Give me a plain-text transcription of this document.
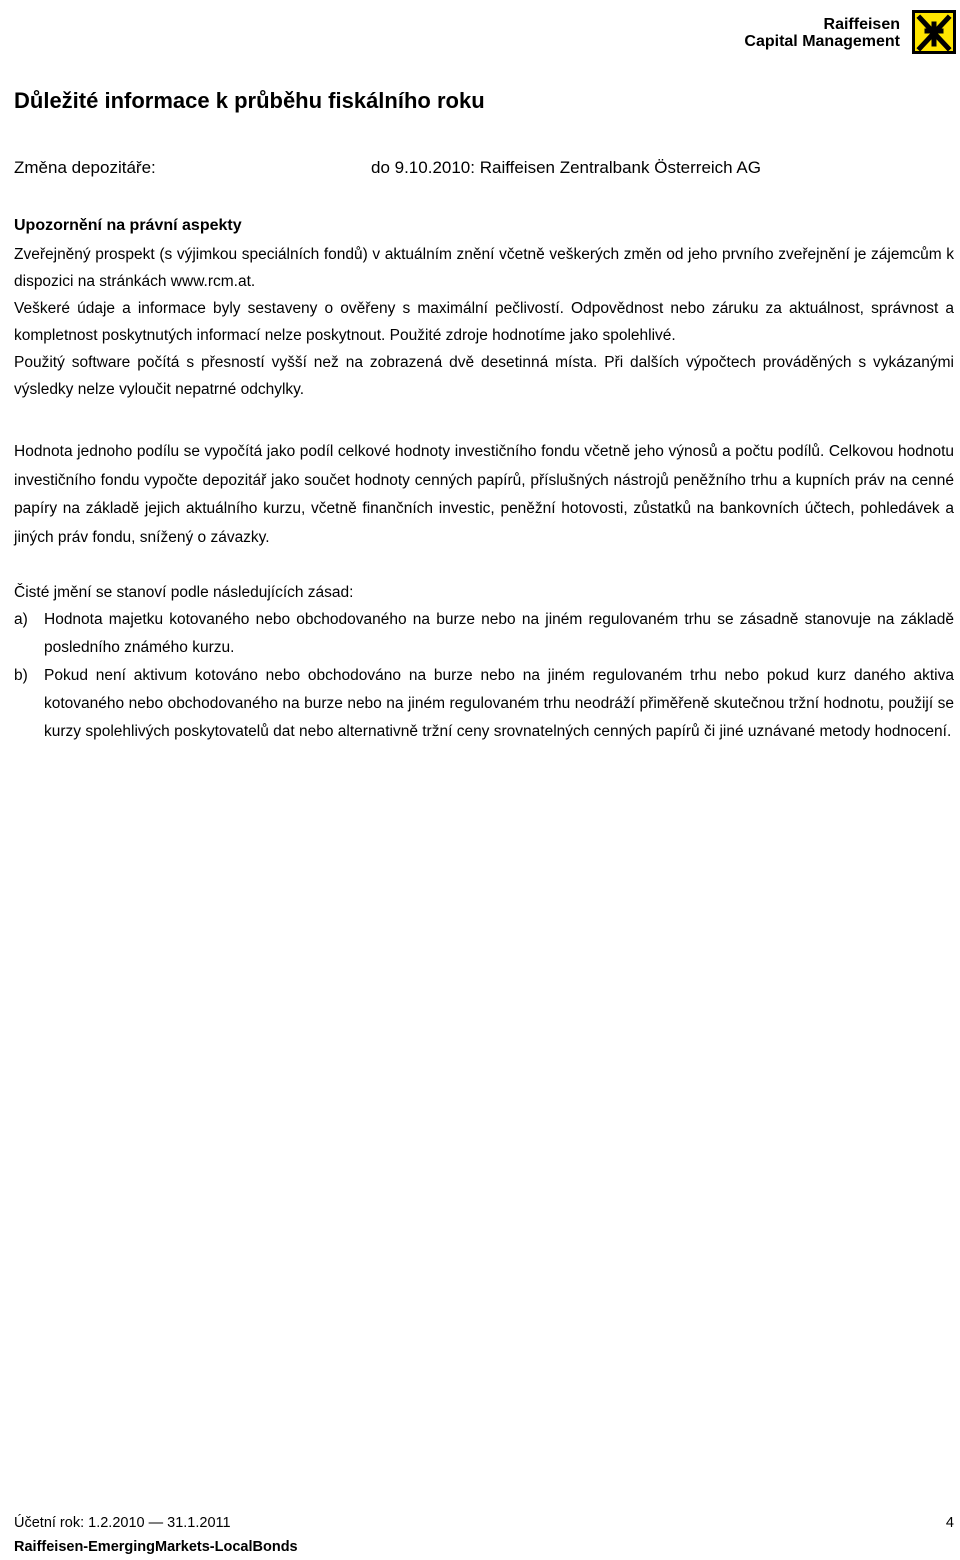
Raiffeisen
Capital Management
Důležité informace k průběhu fiskálního roku
Změna depozitáře:	do 9.10.2010: Raiffeisen Zentralbank Österreich AG
Upozornění na právní aspekty

Zveřejněný prospekt (s výjimkou speciálních fondů) v aktuálním znění včetně veškerých změn od jeho prvního zveřejnění je zájemcům k dispozici na stránkách www.rcm.at.

Veškeré údaje a informace byly sestaveny o ověřeny s maximální pečlivostí. Odpovědnost nebo záruku za aktuálnost, správnost a kompletnost poskytnutých informací nelze poskytnout. Použité zdroje hodnotíme jako spolehlivé.

Použitý software počítá s přesností vyšší než na zobrazená dvě desetinná místa. Při dalších výpočtech prováděných s vykázanými výsledky nelze vyloučit nepatrné odchylky.

Hodnota jednoho podílu se vypočítá jako podíl celkové hodnoty investičního fondu včetně jeho výnosů a počtu podílů. Celkovou hodnotu investičního fondu vypočte depozitář jako součet hodnoty cenných papírů, příslušných nástrojů peněžního trhu a kupních práv na cenné papíry na základě jejich aktuálního kurzu, včetně finančních investic, peněžní hotovosti, zůstatků na bankovních účtech, pohledávek a jiných práv fondu, snížený o závazky.

Čisté jmění se stanoví podle následujících zásad:

a) Hodnota majetku kotovaného nebo obchodovaného na burze nebo na jiném regulovaném trhu se zásadně stanovuje na základě posledního známého kurzu.
b) Pokud není aktivum kotováno nebo obchodováno na burze nebo na jiném regulovaném trhu nebo pokud kurz daného aktiva kotovaného nebo obchodovaného na burze nebo na jiném regulovaném trhu neodráží přiměřeně skutečnou tržní hodnotu, použijí se kurzy spolehlivých poskytovatelů dat nebo alternativně tržní ceny srovnatelných cenných papírů či jiné uznávané metody hodnocení.
Účetní rok: 1.2.2010 — 31.1.2011	4
Raiffeisen-EmergingMarkets-LocalBonds
